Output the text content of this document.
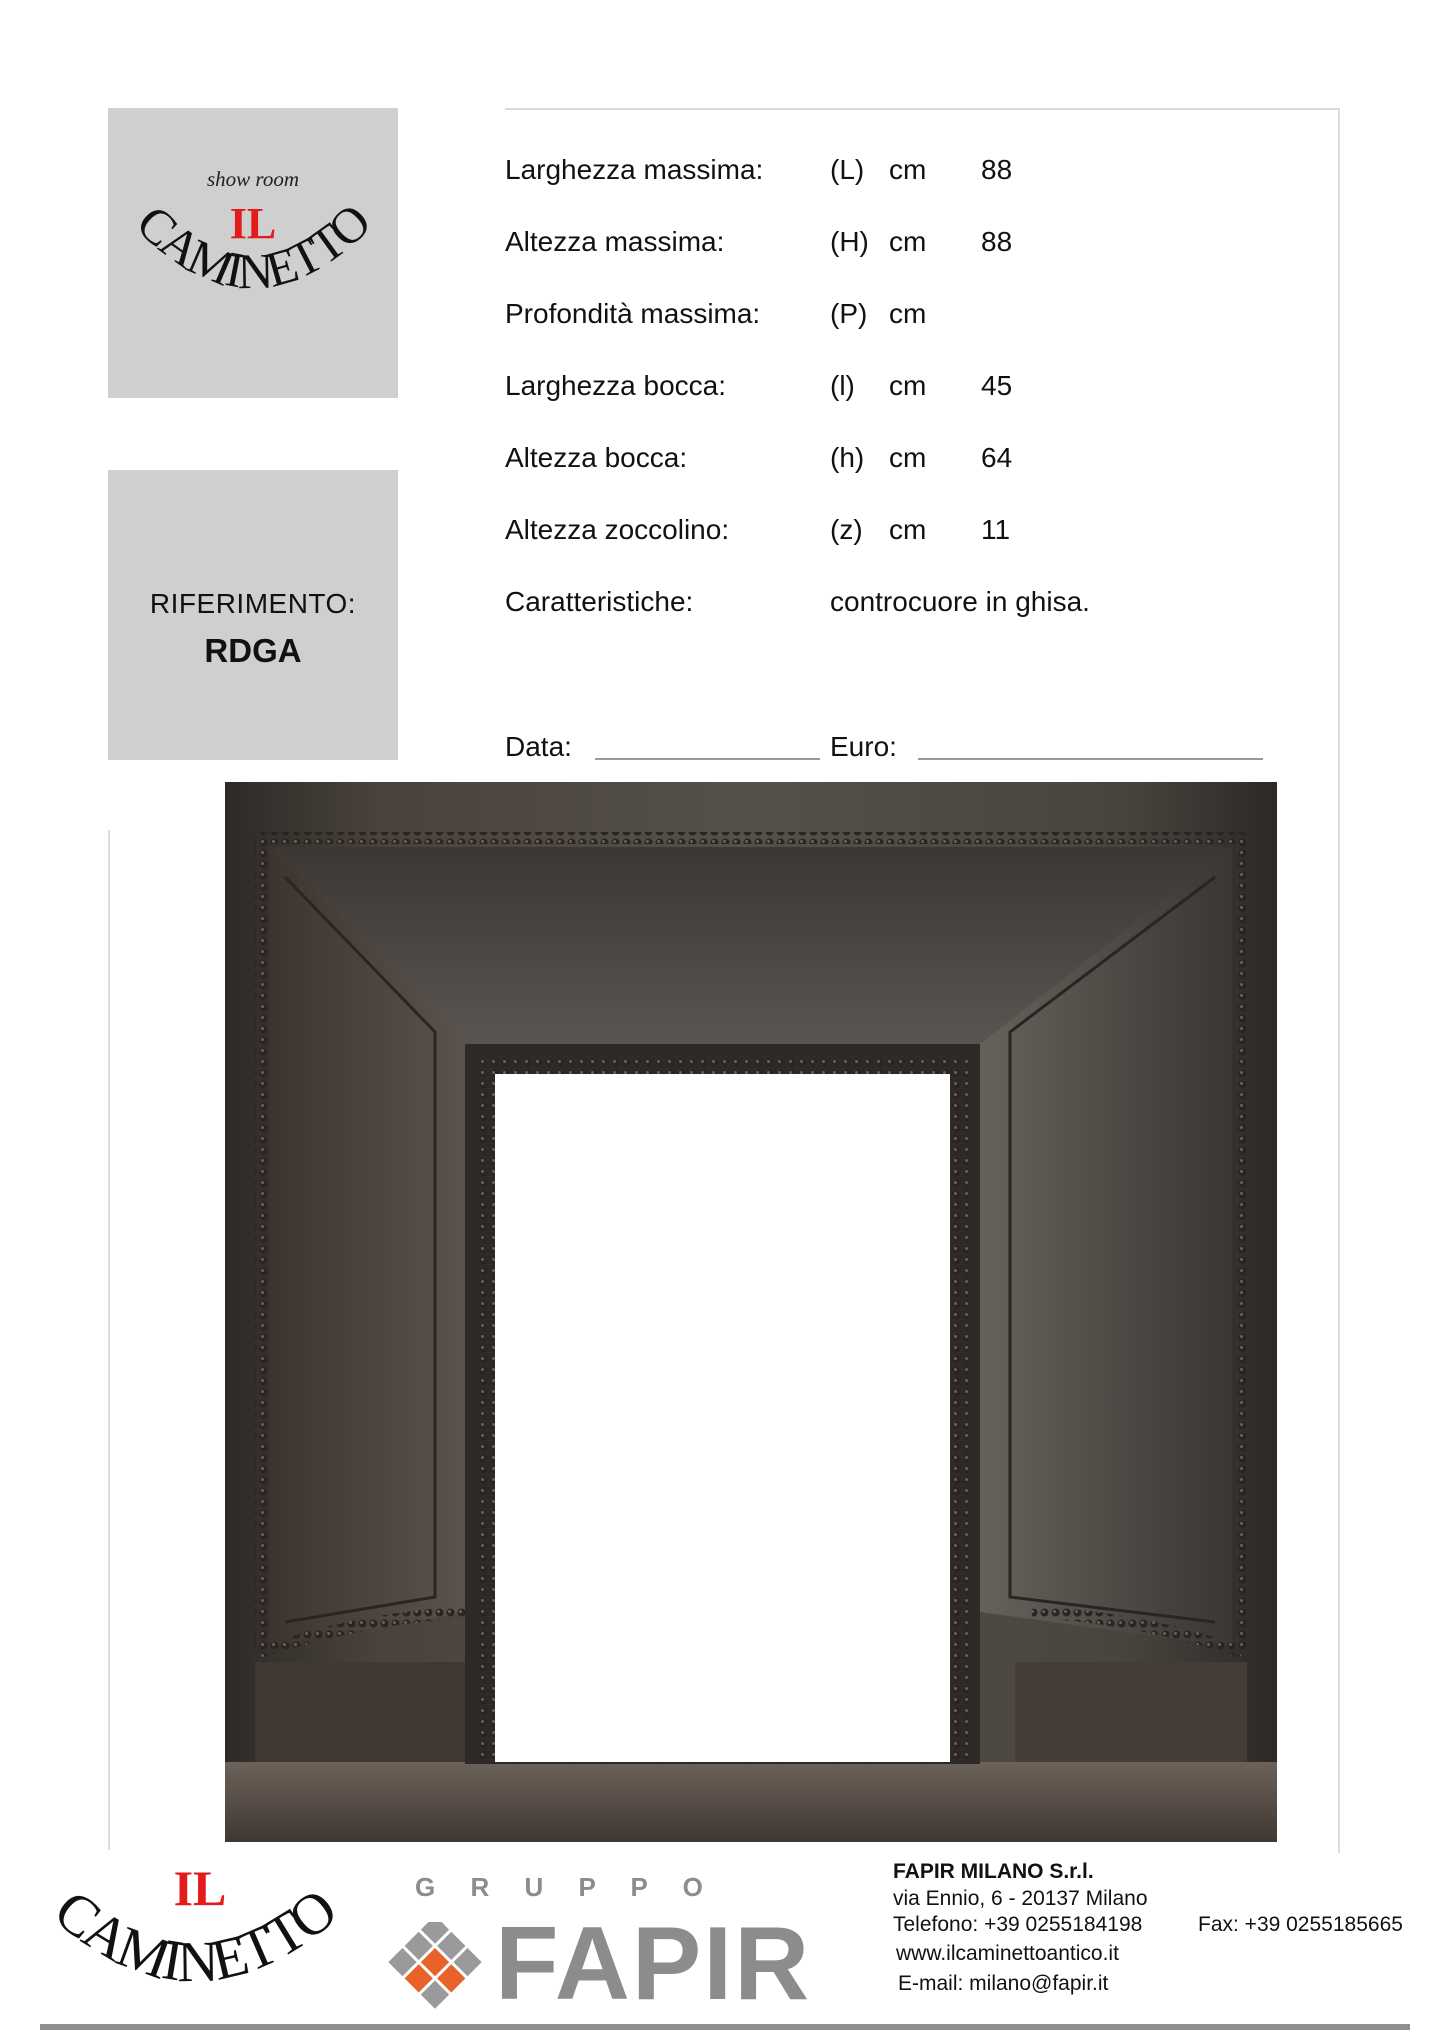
show room
IL
CAMINETTO
RIFERIMENTO:
RDGA
Larghezza massima: (L) cm 88
Altezza massima:	(H) cm 88
Profondità massima: (P) cm
Larghezza bocca:	(l) cm 45
Altezza bocca:	(h) cm 64
Altezza zoccolino:	(z) cm 11
Caratteristiche:	controcuore in ghisa.
Data:	Euro:
IL
CAMINETTO	G R U P P O
FAPIR
FAPIR MILANO S.r.l.
via Ennio, 6 - 20137 Milano
Telefono: +39 0255184198	Fax: +39 0255185665
www.ilcaminettoantico.it
E-mail: milano@fapir.it
